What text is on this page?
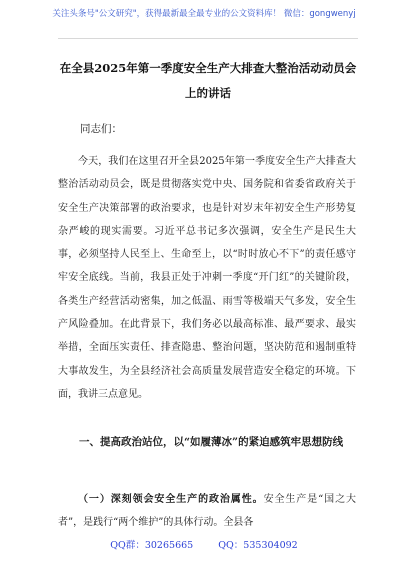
关注头条号"公文研究"，获得最新最全最专业的公文资料库！ 微信：gongwenyj
在全县2025年第一季度安全生产大排查大整治活动动员会上的讲话
同志们：
今天，我们在这里召开全县2025年第一季度安全生产大排查大整治活动动员会，既是贯彻落实党中央、国务院和省委省政府关于安全生产决策部署的政治要求，也是针对岁末年初安全生产形势复杂严峻的现实需要。习近平总书记多次强调，安全生产是民生大事，必须坚持人民至上、生命至上，以“时时放心不下”的责任感守牢安全底线。当前，我县正处于冲刺一季度“开门红”的关键阶段，各类生产经营活动密集，加之低温、雨雪等极端天气多发，安全生产风险叠加。在此背景下，我们务必以最高标准、最严要求、最实举措，全面压实责任、排查隐患、整治问题，坚决防范和遏制重特大事故发生，为全县经济社会高质量发展营造安全稳定的环境。下面，我讲三点意见。
一、提高政治站位，以“如履薄冰”的紧迫感筑牢思想防线
（一）深刻领会安全生产的政治属性。安全生产是“国之大者”，是践行“两个维护”的具体行动。全县各
QQ群：30265665	QQ：535304092
